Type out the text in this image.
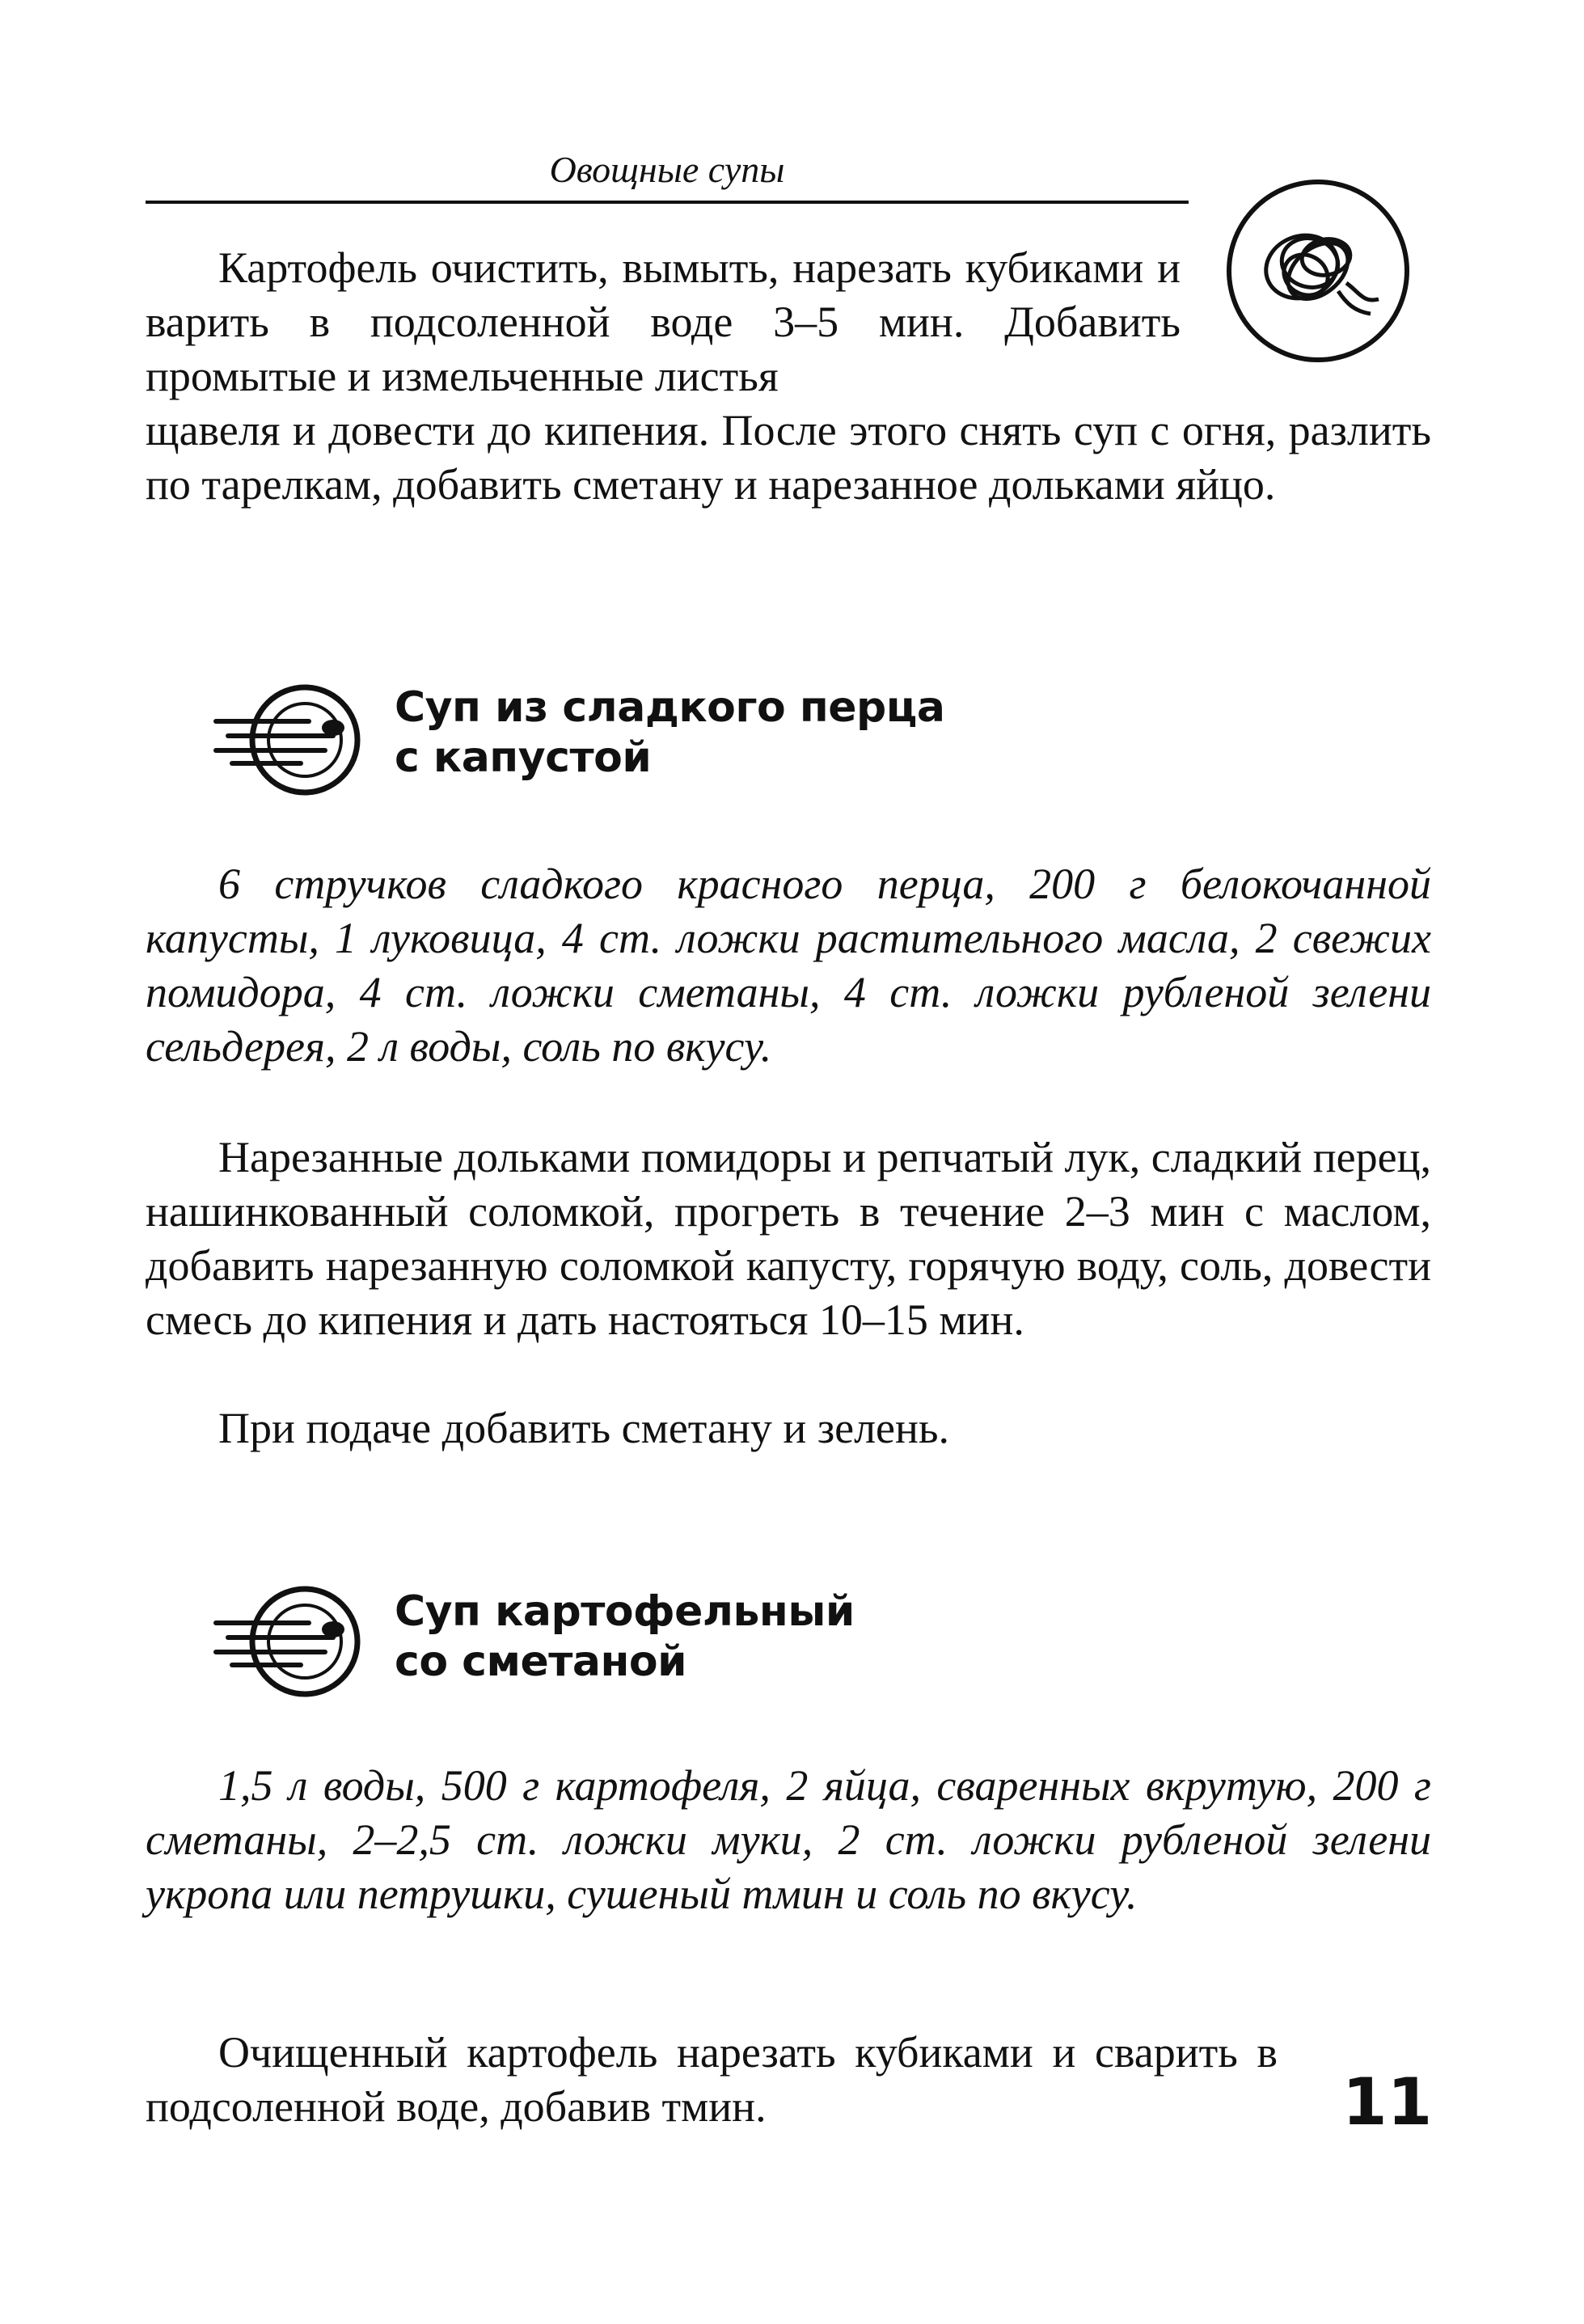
Овощные супы

Картофель очистить, вымыть, нарезать кубиками и варить в подсоленной воде 3–5 мин. Добавить промытые и измельченные листья

щавеля и довести до кипения. После этого снять суп с огня, разлить по тарелкам, добавить сметану и нарезанное дольками яйцо.

Суп из сладкого перца
с капустой

6 стручков сладкого красного перца, 200 г белокочанной капусты, 1 луковица, 4 ст. ложки растительного масла, 2 свежих помидора, 4 ст. ложки сметаны, 4 ст. ложки рубленой зелени сельдерея, 2 л воды, соль по вкусу.

Нарезанные дольками помидоры и репчатый лук, сладкий перец, нашинкованный соломкой, прогреть в течение 2–3 мин с маслом, добавить нарезанную соломкой капусту, горячую воду, соль, довести смесь до кипения и дать настояться 10–15 мин.

При подаче добавить сметану и зелень.

Суп картофельный
со сметаной

1,5 л воды, 500 г картофеля, 2 яйца, сваренных вкрутую, 200 г сметаны, 2–2,5 ст. ложки муки, 2 ст. ложки рубленой зелени укропа или петрушки, сушеный тмин и соль по вкусу.

Очищенный картофель нарезать кубиками и сварить в подсоленной воде, добавив тмин.	11
